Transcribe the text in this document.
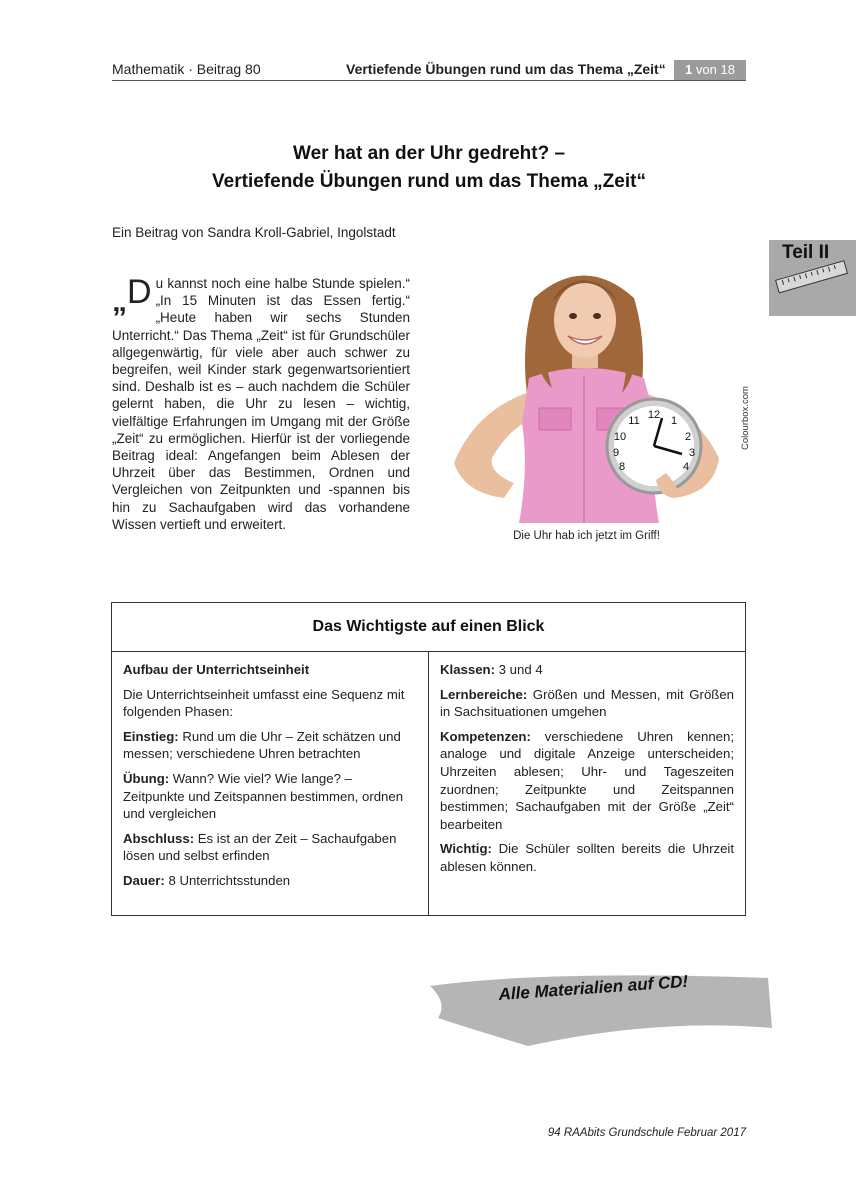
Mathematik · Beitrag 80	Vertiefende Übungen rund um das Thema „Zeit“	1 von 18
Wer hat an der Uhr gedreht? –
Vertiefende Übungen rund um das Thema „Zeit“
Ein Beitrag von Sandra Kroll-Gabriel, Ingolstadt
Teil II
„D u kannst noch eine halbe Stunde spielen.“ „In 15 Minuten ist das Essen fertig.“ „Heute haben wir sechs Stunden Unterricht.“ Das Thema „Zeit“ ist für Grundschüler allgegenwärtig, für viele aber auch schwer zu begreifen, weil Kinder stark gegenwartsorientiert sind. Deshalb ist es – auch nachdem die Schüler gelernt haben, die Uhr zu lesen – wichtig, vielfältige Erfahrungen im Umgang mit der Größe „Zeit“ zu ermöglichen. Hierfür ist der vorliegende Beitrag ideal: Angefangen beim Ablesen der Uhrzeit über das Bestimmen, Ordnen und Vergleichen von Zeitpunkten und -spannen bis hin zu Sachaufgaben wird das vorhandene Wissen vertieft und erweitert.
12 1
2
3
10
9
11
8	4
Die Uhr hab ich jetzt im Griff!
Colourbox.com
Das Wichtigste auf einen Blick

Aufbau der Unterrichtseinheit

Die Unterrichtseinheit umfasst eine Sequenz mit folgenden Phasen:

Einstieg: Rund um die Uhr – Zeit schätzen und messen; verschiedene Uhren betrachten

Übung: Wann? Wie viel? Wie lange? – Zeitpunkte und Zeitspannen bestimmen, ordnen und vergleichen

Abschluss: Es ist an der Zeit – Sachaufgaben lösen und selbst erfinden

Dauer: 8 Unterrichtsstunden

Klassen: 3 und 4

Lernbereiche: Größen und Messen, mit Größen in Sachsituationen umgehen

Kompetenzen: verschiedene Uhren kennen; analoge und digitale Anzeige unterscheiden; Uhrzeiten ablesen; Uhr- und Tageszeiten zuordnen; Zeitpunkte und Zeitspannen bestimmen; Sachaufgaben mit der Größe „Zeit“ bearbeiten

Wichtig: Die Schüler sollten bereits die Uhrzeit ablesen können.

Alle Materialien auf CD!
94 RAAbits Grundschule Februar 2017
